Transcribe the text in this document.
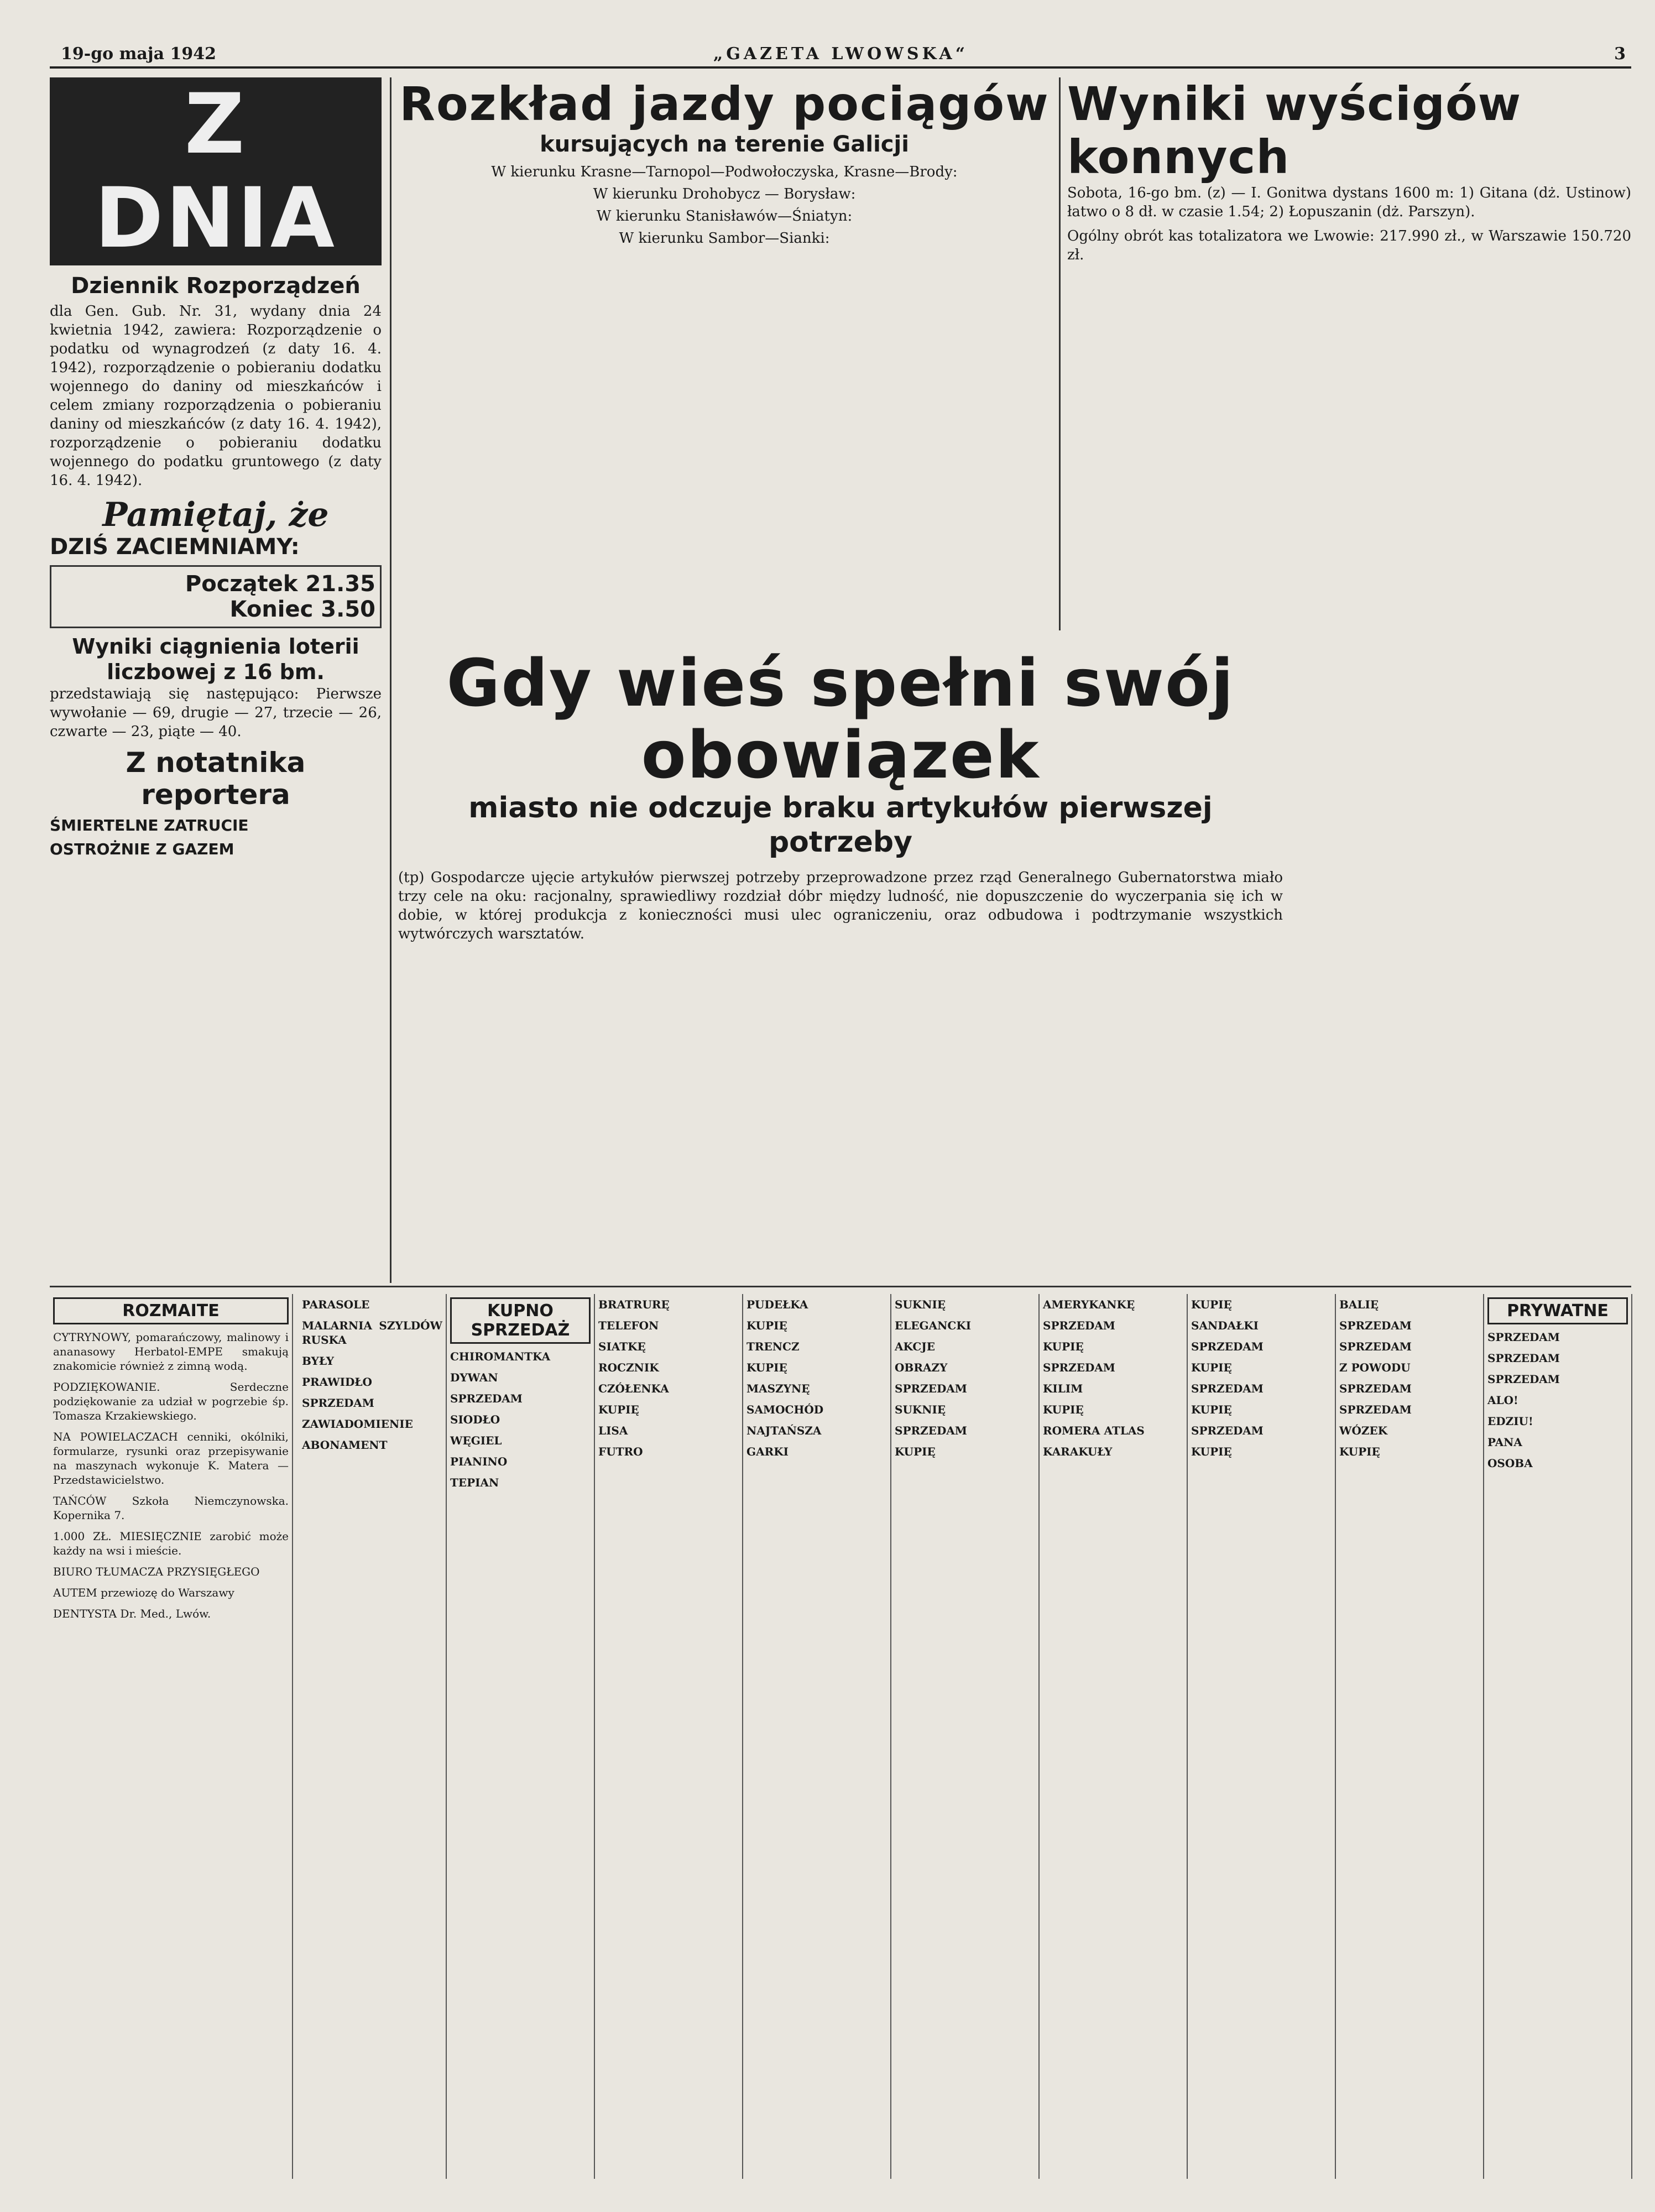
19-go maja 1942	„GAZETA LWOWSKA“	3
Z DNIA
Dziennik Rozporządzeń

dla Gen. Gub. Nr. 31, wydany dnia 24 kwietnia 1942, zawiera: Rozporządzenie o podatku od wynagrodzeń (z daty 16. 4. 1942), rozporządzenie o pobieraniu dodatku wojennego do daniny od mieszkańców i celem zmiany rozporządzenia o pobieraniu daniny od mieszkańców (z daty 16. 4. 1942), rozporządzenie o pobieraniu dodatku wojennego do podatku gruntowego (z daty 16. 4. 1942).

Pamiętaj, że
DZIŚ ZACIEMNIAMY:
Początek 21.35
Koniec 3.50
Wyniki ciągnienia loterii liczbowej z 16 bm.

przedstawiają się następująco: Pierwsze wywołanie — 69, drugie — 27, trzecie — 26, czwarte — 23, piąte — 40.

Z notatnika reportera
ŚMIERTELNE ZATRUCIE
OSTROŻNIE Z GAZEM
Rozkład jazdy pociągów
kursujących na terenie Galicji
W kierunku Krasne—Tarnopol—Podwołoczyska, Krasne—Brody:
W kierunku Drohobycz — Borysław:
W kierunku Stanisławów—Śniatyn:
W kierunku Sambor—Sianki:
Wyniki wyścigów konnych

Sobota, 16-go bm. (z) — I. Gonitwa dystans 1600 m: 1) Gitana (dż. Ustinow) łatwo o 8 dł. w czasie 1.54; 2) Łopuszanin (dż. Parszyn).

Ogólny obrót kas totalizatora we Lwowie: 217.990 zł., w Warszawie 150.720 zł.

Gdy wieś spełni swój obowiązek
miasto nie odczuje braku artykułów pierwszej potrzeby

(tp) Gospodarcze ujęcie artykułów pierwszej potrzeby przeprowadzone przez rząd Generalnego Gubernatorstwa miało trzy cele na oku: racjonalny, sprawiedliwy rozdział dóbr między ludność, nie dopuszczenie do wyczerpania się ich w dobie, w której produkcja z konieczności musi ulec ograniczeniu, oraz odbudowa i podtrzymanie wszystkich wytwórczych warsztatów.

ROZMAITE

CYTRYNOWY, pomarańczowy, malinowy i ananasowy Herbatol-EMPE smakują znakomicie również z zimną wodą.

PODZIĘKOWANIE. Serdeczne podziękowanie za udział w pogrzebie śp. Tomasza Krzakiewskiego.

NA POWIELACZACH cenniki, okólniki, formularze, rysunki oraz przepisywanie na maszynach wykonuje K. Matera — Przedstawicielstwo.

TAŃCÓW Szkoła Niemczynowska. Kopernika 7.

1.000 ZŁ. MIESIĘCZNIE zarobić może każdy na wsi i mieście.

BIURO TŁUMACZA PRZYSIĘGŁEGO

AUTEM przewiozę do Warszawy

DENTYSTA Dr. Med., Lwów.

PARASOLE

MALARNIA SZYLDÓW RUSKA

BYŁY

PRAWIDŁO

SPRZEDAM

ZAWIADOMIENIE

ABONAMENT

KUPNO SPRZEDAŻ

CHIROMANTKA

DYWAN

SPRZEDAM

SIODŁO

WĘGIEL

PIANINO

TEPIAN

BRATRURĘ

TELEFON

SIATKĘ

ROCZNIK

CZÓŁENKA

KUPIĘ

LISA

FUTRO

PUDEŁKA

KUPIĘ

TRENCZ

KUPIĘ

MASZYNĘ

SAMOCHÓD

NAJTAŃSZA

GARKI

SUKNIĘ

ELEGANCKI

AKCJE

OBRAZY

SPRZEDAM

SUKNIĘ

SPRZEDAM

KUPIĘ

AMERYKANKĘ

SPRZEDAM

KUPIĘ

SPRZEDAM

KILIM

KUPIĘ

ROMERA ATLAS

KARAKUŁY

KUPIĘ

SANDAŁKI

SPRZEDAM

KUPIĘ

SPRZEDAM

KUPIĘ

SPRZEDAM

KUPIĘ

BALIĘ

SPRZEDAM

SPRZEDAM

Z POWODU

SPRZEDAM

SPRZEDAM

WÓZEK

KUPIĘ

PRYWATNE

SPRZEDAM

SPRZEDAM

SPRZEDAM

ALO!

EDZIU!

PANA

OSOBA
